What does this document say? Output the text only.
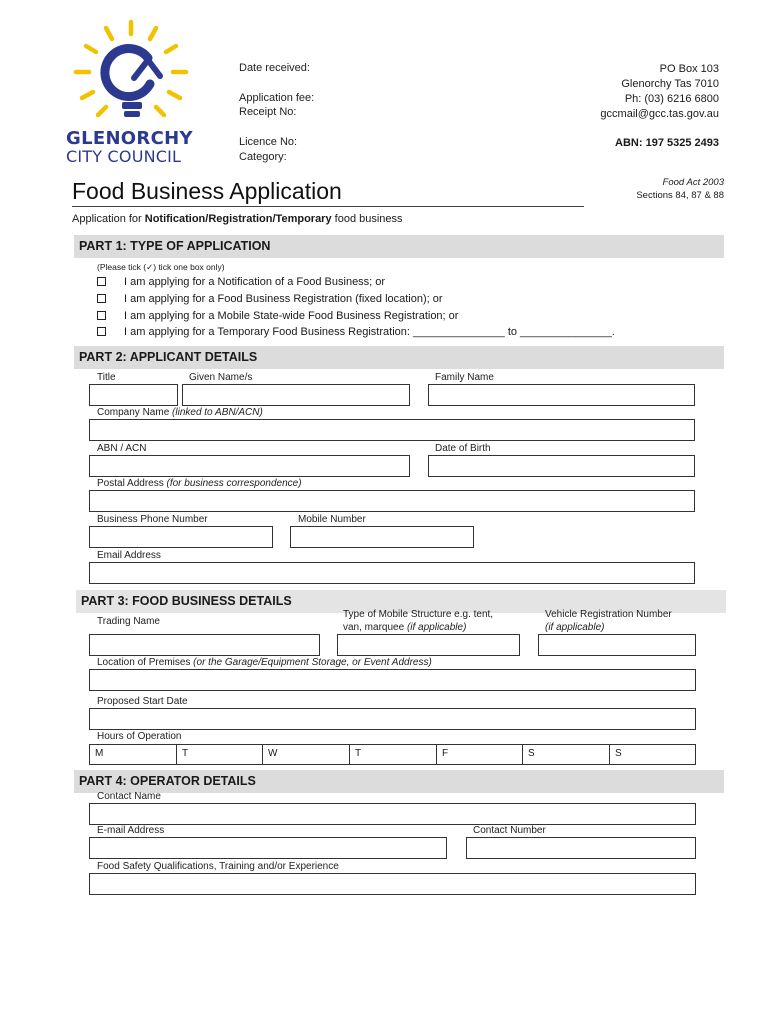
GLENORCHY
CITY COUNCIL
Date received:
Application fee:
Receipt No:
Licence No:
Category:
PO Box 103
Glenorchy Tas 7010
Ph: (03) 6216 6800
gccmail@gcc.tas.gov.au
ABN: 197 5325 2493
Food Business Application	Food Act 2003
Sections 84, 87 & 88
Application for Notification/Registration/Temporary food business
PART 1: TYPE OF APPLICATION
(Please tick (✓) tick one box only)
I am applying for a Notification of a Food Business; or
I am applying for a Food Business Registration (fixed location); or
I am applying for a Mobile State-wide Food Business Registration; or
I am applying for a Temporary Food Business Registration: _______________ to _______________.
PART 2: APPLICANT DETAILS
Title	Given Name/s	Family Name
Company Name (linked to ABN/ACN)
ABN / ACN	Date of Birth
Postal Address (for business correspondence)
Business Phone Number	Mobile Number
Email Address
PART 3: FOOD BUSINESS DETAILS
Trading Name
Type of Mobile Structure e.g. tent,
van, marquee (if applicable)
Vehicle Registration Number
(if applicable)
Location of Premises (or the Garage/Equipment Storage, or Event Address)
Proposed Start Date
Hours of Operation
M	T	W	T	F	S	S
PART 4: OPERATOR DETAILS
Contact Name
E-mail Address	Contact Number
Food Safety Qualifications, Training and/or Experience
